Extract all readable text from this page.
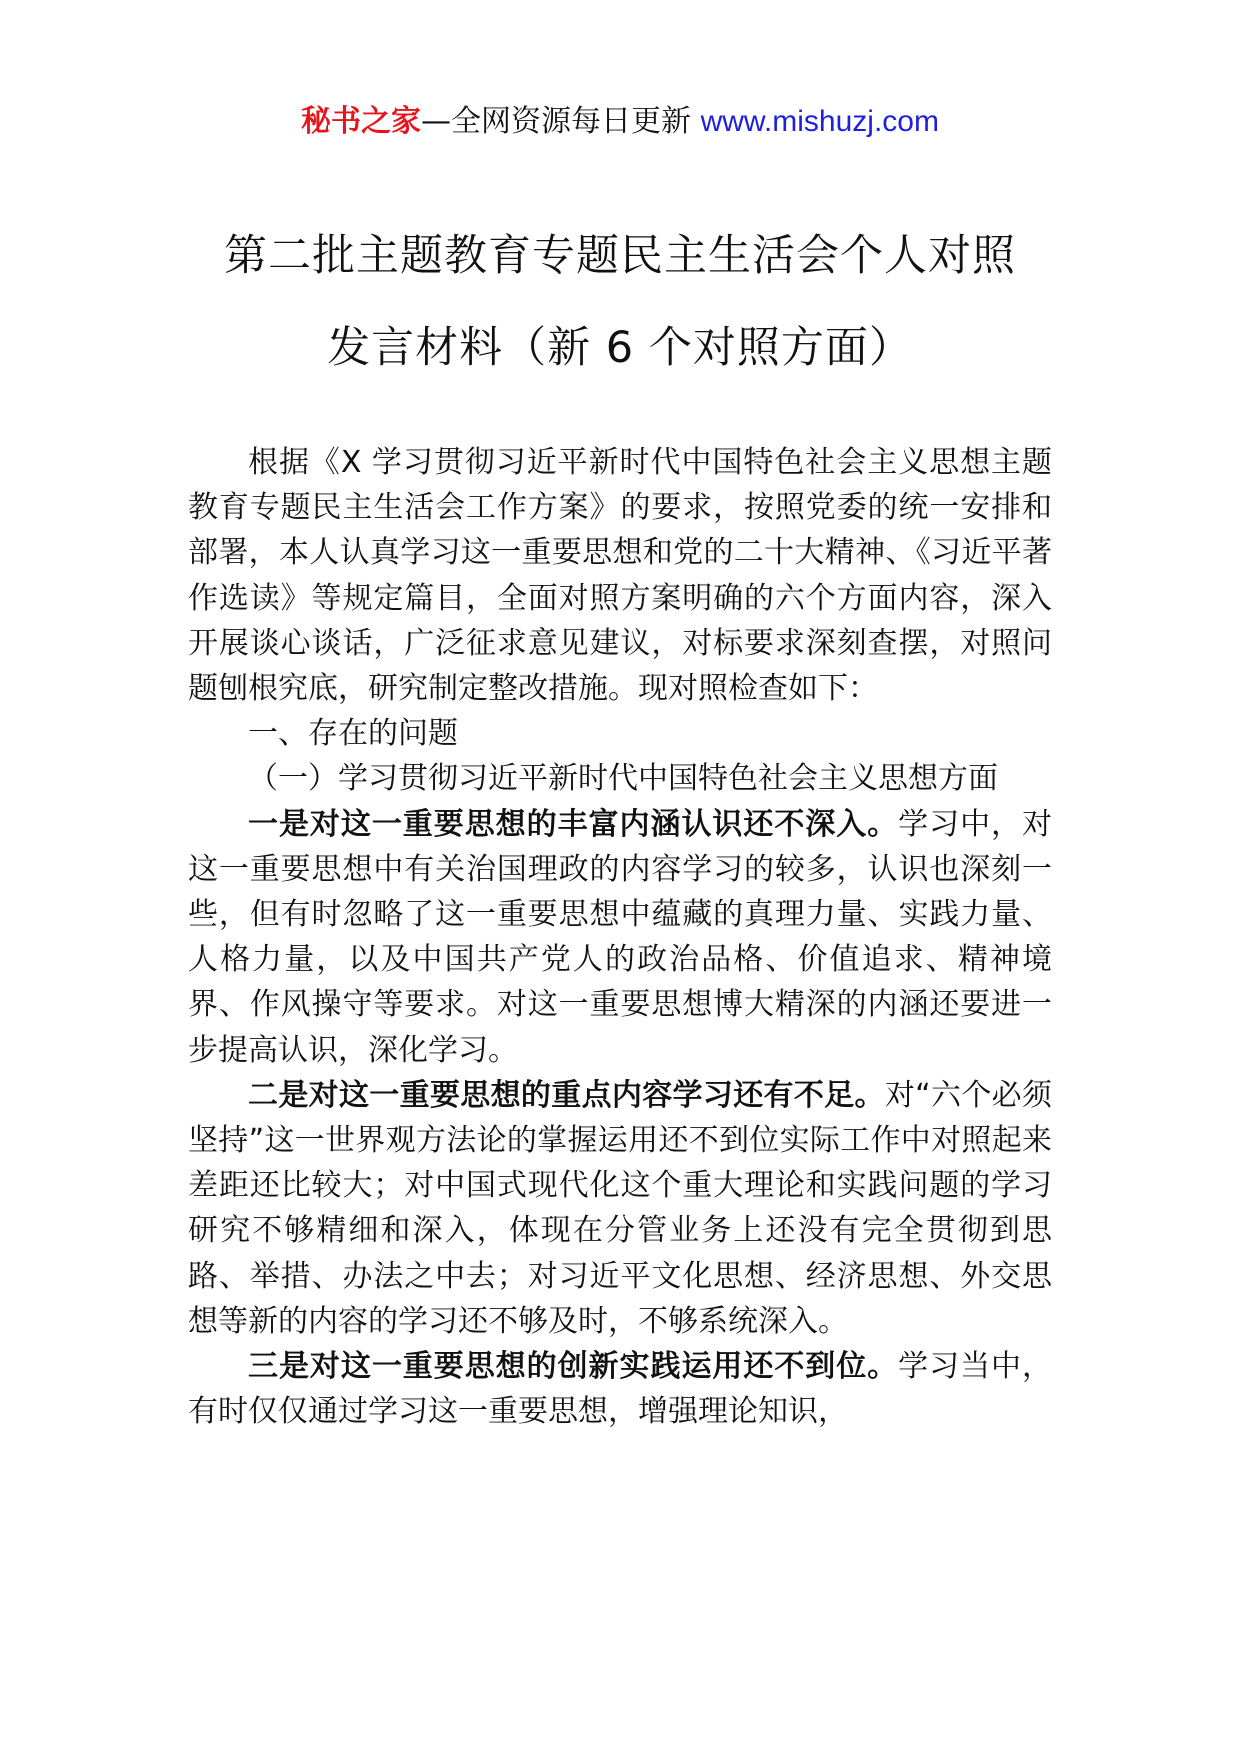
秘书之家—全网资源每日更新 www.mishuzj.com
第二批主题教育专题民主生活会个人对照
发言材料（新 6 个对照方面）

根据《X 学习贯彻习近平新时代中国特色社会主义思想主题教育专题民主生活会工作方案》的要求，按照党委的统一安排和部署，本人认真学习这一重要思想和党的二十大精神、《习近平著作选读》等规定篇目，全面对照方案明确的六个方面内容，深入开展谈心谈话，广泛征求意见建议，对标要求深刻查摆，对照问题刨根究底，研究制定整改措施。现对照检查如下：

一、存在的问题

（一）学习贯彻习近平新时代中国特色社会主义思想方面

一是对这一重要思想的丰富内涵认识还不深入。学习中，对这一重要思想中有关治国理政的内容学习的较多，认识也深刻一些，但有时忽略了这一重要思想中蕴藏的真理力量、实践力量、人格力量，以及中国共产党人的政治品格、价值追求、精神境界、作风操守等要求。对这一重要思想博大精深的内涵还要进一步提高认识，深化学习。

二是对这一重要思想的重点内容学习还有不足。对“六个必须坚持”这一世界观方法论的掌握运用还不到位实际工作中对照起来差距还比较大；对中国式现代化这个重大理论和实践问题的学习研究不够精细和深入，体现在分管业务上还没有完全贯彻到思路、举措、办法之中去；对习近平文化思想、经济思想、外交思想等新的内容的学习还不够及时，不够系统深入。

三是对这一重要思想的创新实践运用还不到位。学习当中，有时仅仅通过学习这一重要思想，增强理论知识，
